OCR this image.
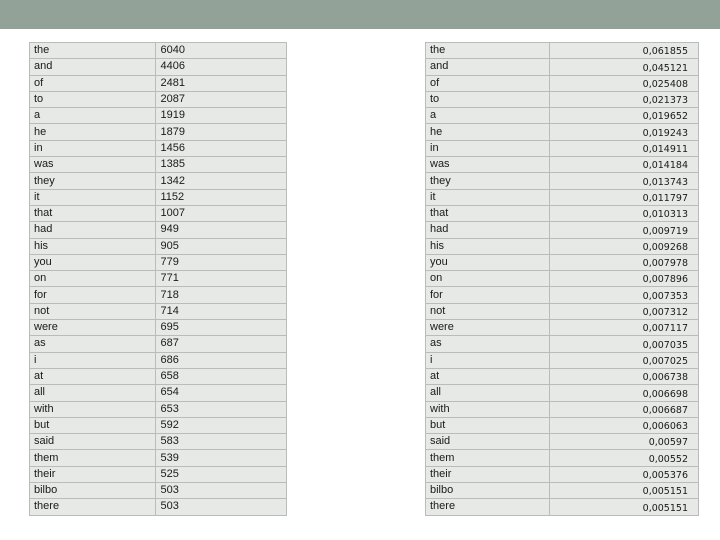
the	6040
and	4406
of	2481
to	2087
a	1919
he	1879
in	1456
was	1385
they	1342
it	1152
that	1007
had	949
his	905
you	779
on	771
for	718
not	714
were	695
as	687
i	686
at	658
all	654
with	653
but	592
said	583
them	539
their	525
bilbo	503
there	503
the	0,061855
and	0,045121
of	0,025408
to	0,021373
a	0,019652
he	0,019243
in	0,014911
was	0,014184
they	0,013743
it	0,011797
that	0,010313
had	0,009719
his	0,009268
you	0,007978
on	0,007896
for	0,007353
not	0,007312
were	0,007117
as	0,007035
i	0,007025
at	0,006738
all	0,006698
with	0,006687
but	0,006063
said	0,00597
them	0,00552
their	0,005376
bilbo	0,005151
there	0,005151
